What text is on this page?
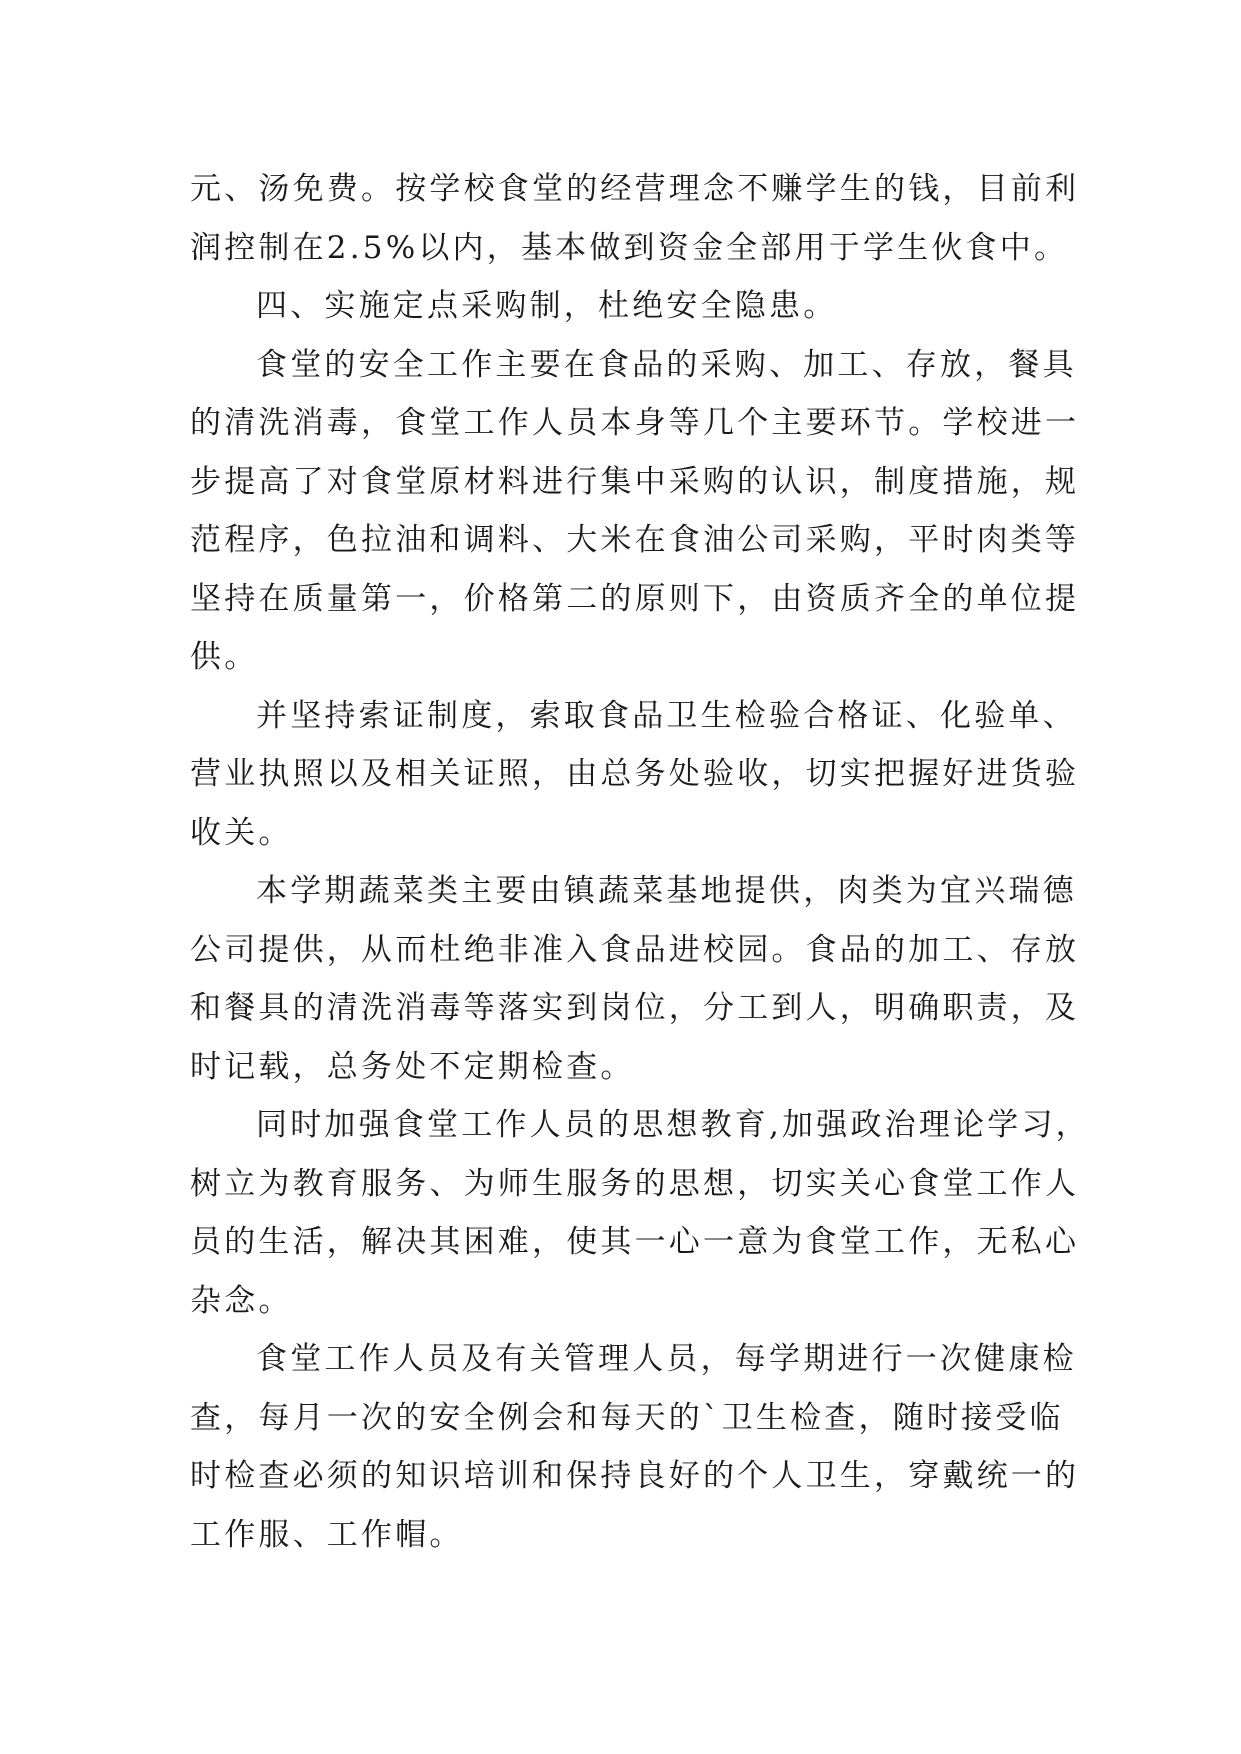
元、汤免费。按学校食堂的经营理念不赚学生的钱，目前利
润控制在2.5%以内，基本做到资金全部用于学生伙食中。
四、实施定点采购制，杜绝安全隐患。
食堂的安全工作主要在食品的采购、加工、存放，餐具
的清洗消毒，食堂工作人员本身等几个主要环节。学校进一
步提高了对食堂原材料进行集中采购的认识，制度措施，规
范程序，色拉油和调料、大米在食油公司采购，平时肉类等
坚持在质量第一，价格第二的原则下，由资质齐全的单位提
供。
并坚持索证制度，索取食品卫生检验合格证、化验单、
营业执照以及相关证照，由总务处验收，切实把握好进货验
收关。
本学期蔬菜类主要由镇蔬菜基地提供，肉类为宜兴瑞德
公司提供，从而杜绝非准入食品进校园。食品的加工、存放
和餐具的清洗消毒等落实到岗位，分工到人，明确职责，及
时记载，总务处不定期检查。
同时加强食堂工作人员的思想教育,加强政治理论学习，
树立为教育服务、为师生服务的思想，切实关心食堂工作人
员的生活，解决其困难，使其一心一意为食堂工作，无私心
杂念。
食堂工作人员及有关管理人员，每学期进行一次健康检
查，每月一次的安全例会和每天的`卫生检查，随时接受临
时检查必须的知识培训和保持良好的个人卫生，穿戴统一的
工作服、工作帽。
